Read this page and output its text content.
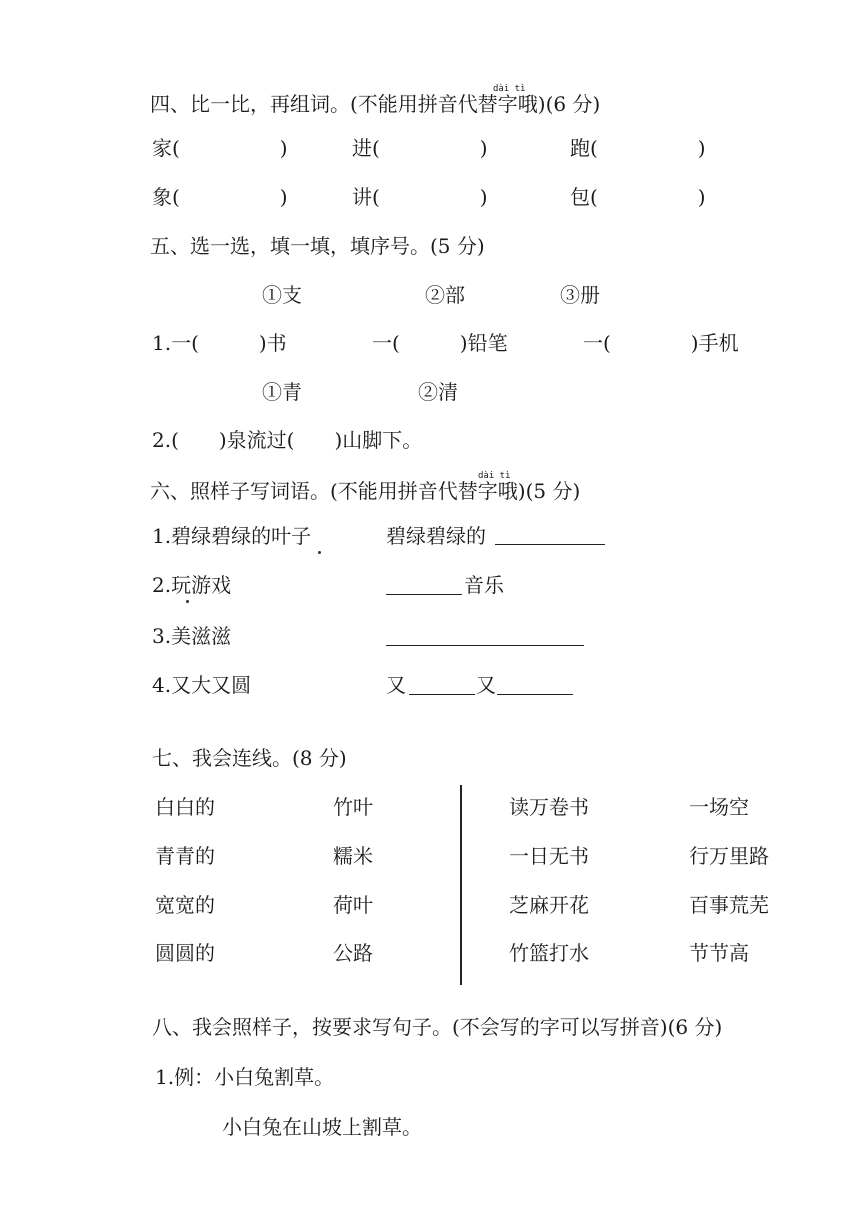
dài tì
四、比一比，再组词。(不能用拼音代替字哦)(6 分)
家(　　　　　)	进(　　　　　)	跑(　　　　　)
象(　　　　　)	讲(　　　　　)	包(　　　　　)
五、选一选，填一填，填序号。(5 分)
①支	②部	③册
1.一(　　　)书	一(　　　)铅笔	一(　　　　)手机
①青	②清
2.(　　)泉流过(　　)山脚下。
dài tì
六、照样子写词语。(不能用拼音代替字哦)(5 分)
1.碧绿碧绿的叶子	碧绿碧绿的
2.玩游戏	音乐
3.美滋滋
4.又大又圆	又	又
七、我会连线。(8 分)
白白的	竹叶	读万卷书	一场空
青青的	糯米	一日无书	行万里路
宽宽的	荷叶	芝麻开花	百事荒芜
圆圆的	公路	竹篮打水	节节高
八、我会照样子，按要求写句子。(不会写的字可以写拼音)(6 分)
1.例：小白兔割草。
小白兔在山坡上割草。
